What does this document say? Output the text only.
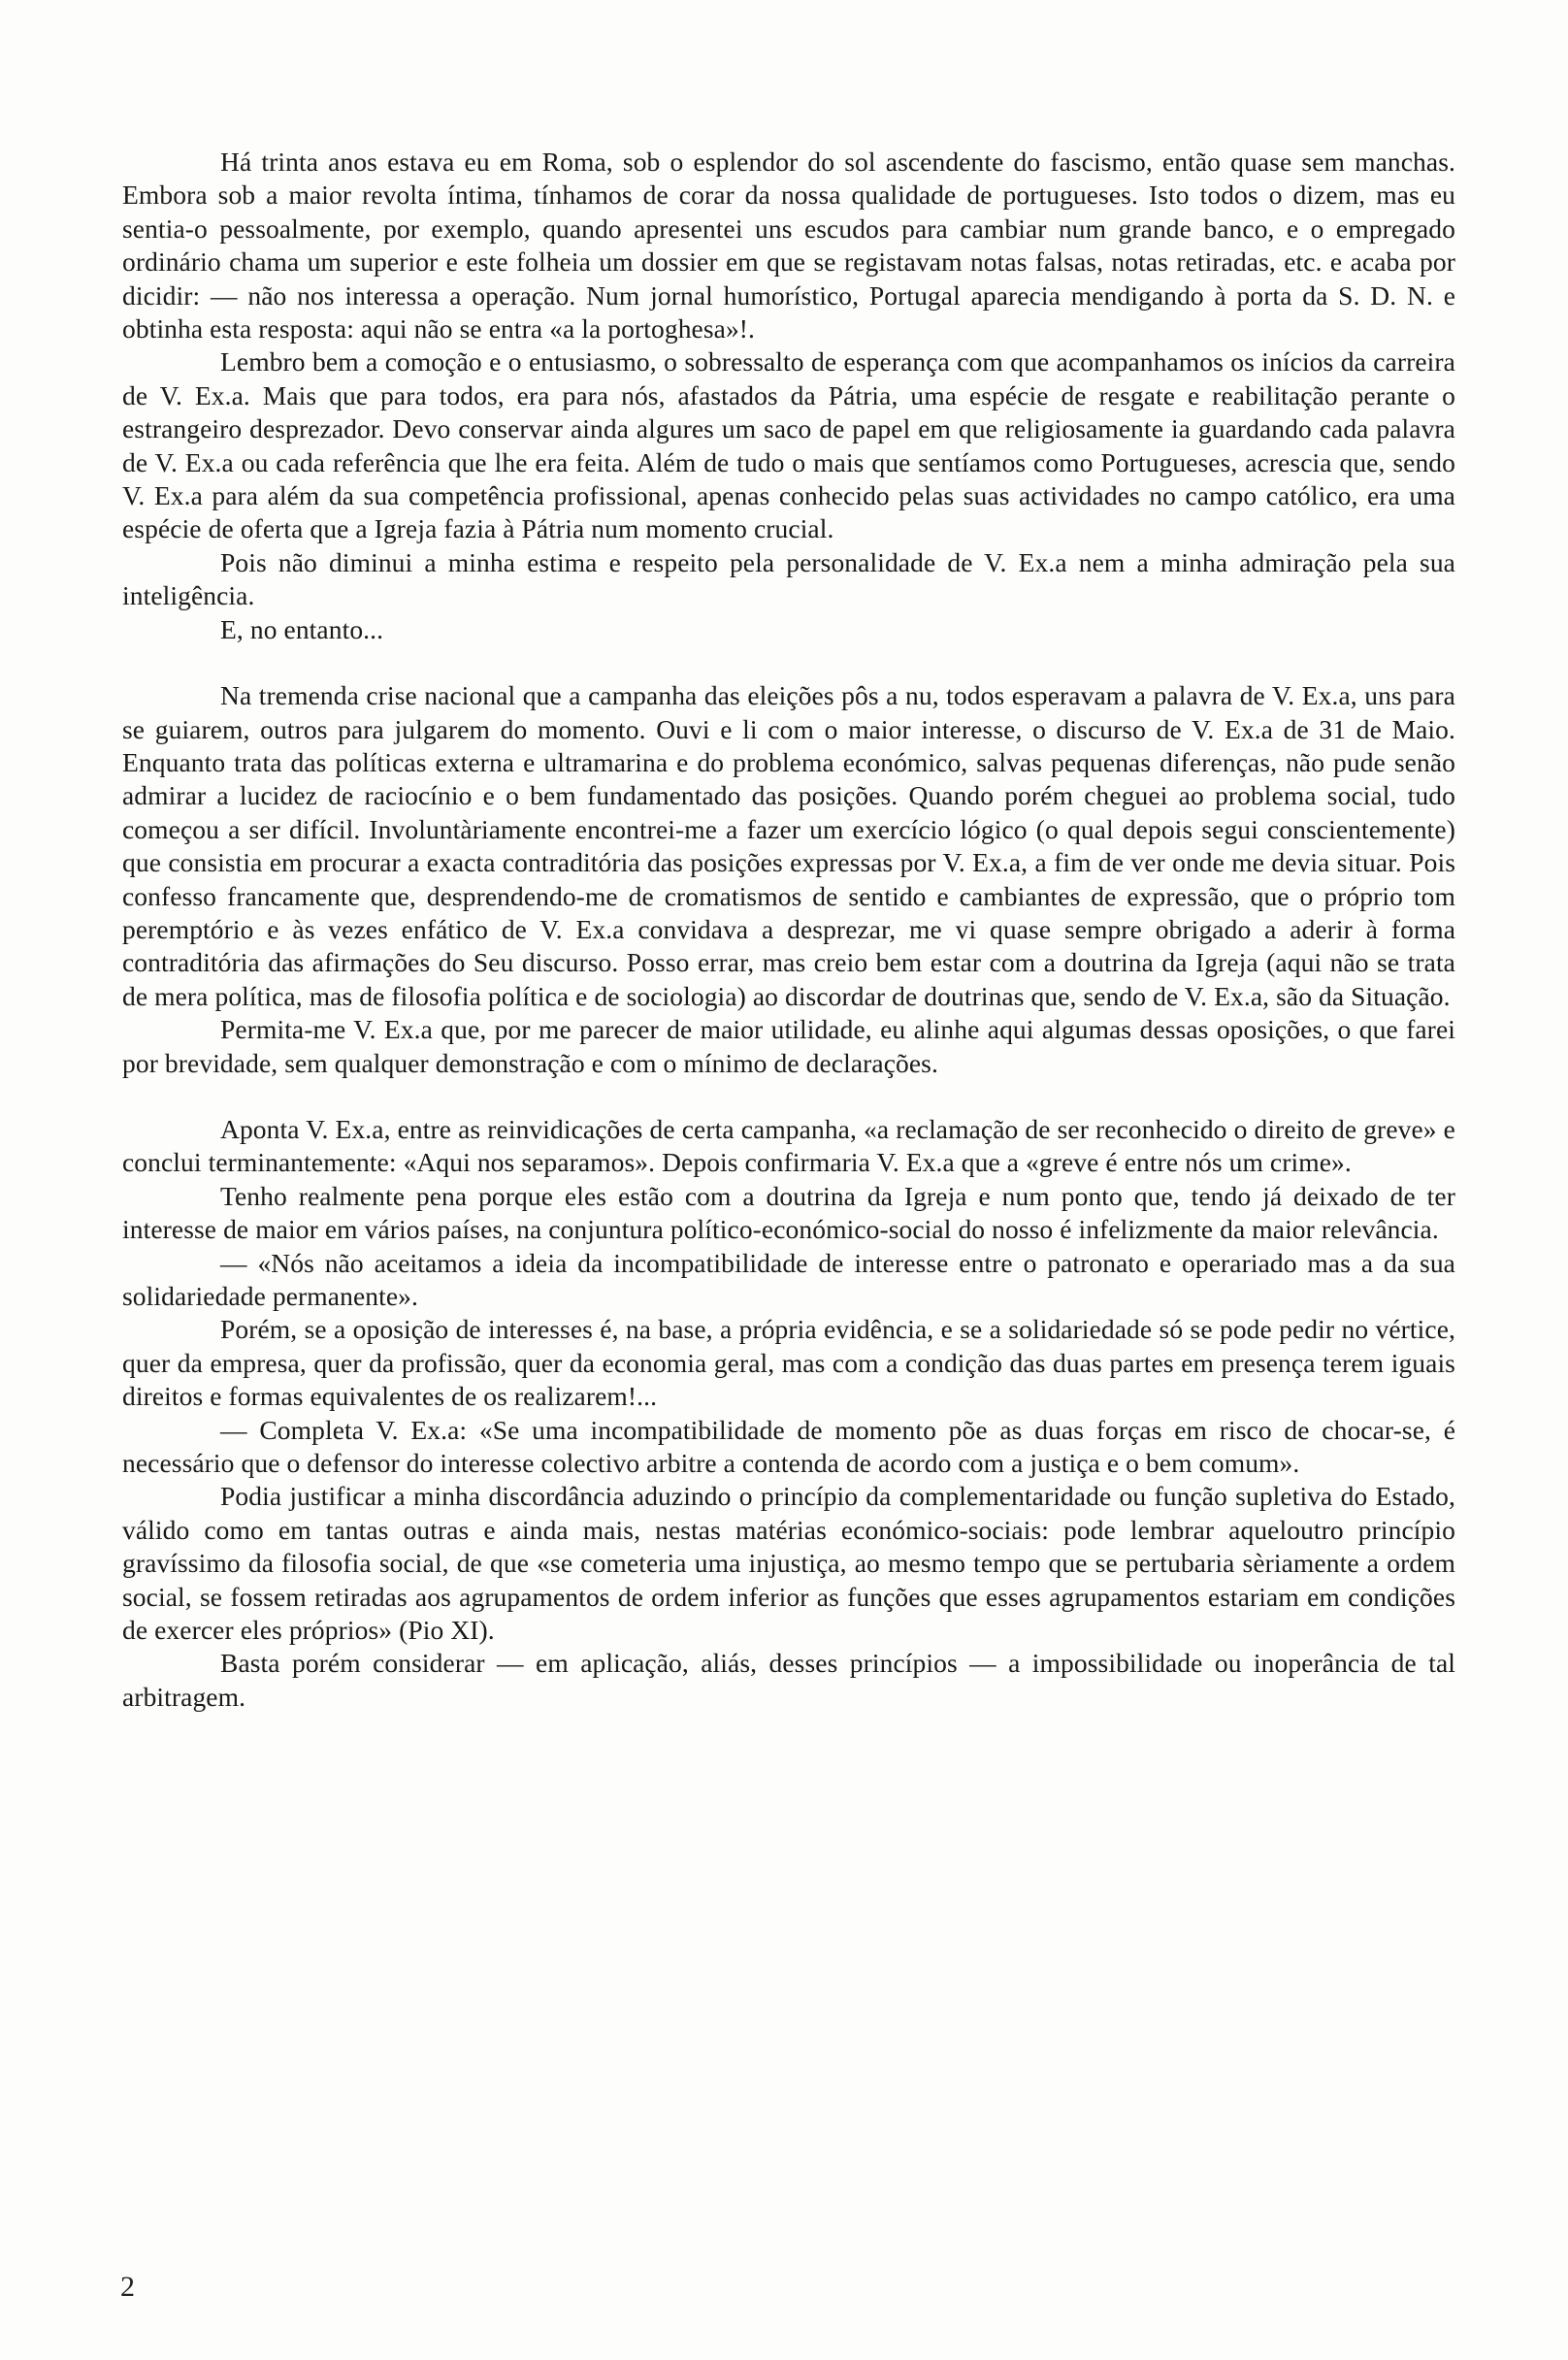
Há trinta anos estava eu em Roma, sob o esplendor do sol ascendente do fascismo, então quase sem manchas. Embora sob a maior revolta íntima, tínhamos de corar da nossa qualidade de portugueses. Isto todos o dizem, mas eu sentia-o pessoalmente, por exemplo, quando apresentei uns escudos para cambiar num grande banco, e o empregado ordinário chama um superior e este folheia um dossier em que se registavam notas falsas, notas retiradas, etc. e acaba por dicidir: — não nos interessa a operação. Num jornal humorístico, Portugal aparecia mendigando à porta da S. D. N. e obtinha esta resposta: aqui não se entra «a la portoghesa»!.

Lembro bem a comoção e o entusiasmo, o sobressalto de esperança com que acompanhamos os inícios da carreira de V. Ex.a. Mais que para todos, era para nós, afastados da Pátria, uma espécie de resgate e reabilitação perante o estrangeiro desprezador. Devo conservar ainda algures um saco de papel em que religiosamente ia guardando cada palavra de V. Ex.a ou cada referência que lhe era feita. Além de tudo o mais que sentíamos como Portugueses, acrescia que, sendo V. Ex.a para além da sua competência profissional, apenas conhecido pelas suas actividades no campo católico, era uma espécie de oferta que a Igreja fazia à Pátria num momento crucial.

Pois não diminui a minha estima e respeito pela personalidade de V. Ex.a nem a minha admiração pela sua inteligência.

E, no entanto...

Na tremenda crise nacional que a campanha das eleições pôs a nu, todos esperavam a palavra de V. Ex.a, uns para se guiarem, outros para julgarem do momento. Ouvi e li com o maior interesse, o discurso de V. Ex.a de 31 de Maio. Enquanto trata das políticas externa e ultramarina e do problema económico, salvas pequenas diferenças, não pude senão admirar a lucidez de raciocínio e o bem fundamentado das posições. Quando porém cheguei ao problema social, tudo começou a ser difícil. Involuntàriamente encontrei-me a fazer um exercício lógico (o qual depois segui conscientemente) que consistia em procurar a exacta contraditória das posições expressas por V. Ex.a, a fim de ver onde me devia situar. Pois confesso francamente que, desprendendo-me de cromatismos de sentido e cambiantes de expressão, que o próprio tom peremptório e às vezes enfático de V. Ex.a convidava a desprezar, me vi quase sempre obrigado a aderir à forma contraditória das afirmações do Seu discurso. Posso errar, mas creio bem estar com a doutrina da Igreja (aqui não se trata de mera política, mas de filosofia política e de sociologia) ao discordar de doutrinas que, sendo de V. Ex.a, são da Situação.

Permita-me V. Ex.a que, por me parecer de maior utilidade, eu alinhe aqui algumas dessas oposições, o que farei por brevidade, sem qualquer demonstração e com o mínimo de declarações.

Aponta V. Ex.a, entre as reinvidicações de certa campanha, «a reclamação de ser reconhecido o direito de greve» e conclui terminantemente: «Aqui nos separamos». Depois confirmaria V. Ex.a que a «greve é entre nós um crime».

Tenho realmente pena porque eles estão com a doutrina da Igreja e num ponto que, tendo já deixado de ter interesse de maior em vários países, na conjuntura político-económico-social do nosso é infelizmente da maior relevância.

— «Nós não aceitamos a ideia da incompatibilidade de interesse entre o patronato e operariado mas a da sua solidariedade permanente».

Porém, se a oposição de interesses é, na base, a própria evidência, e se a solidariedade só se pode pedir no vértice, quer da empresa, quer da profissão, quer da economia geral, mas com a condição das duas partes em presença terem iguais direitos e formas equivalentes de os realizarem!...

— Completa V. Ex.a: «Se uma incompatibilidade de momento põe as duas forças em risco de chocar-se, é necessário que o defensor do interesse colectivo arbitre a contenda de acordo com a justiça e o bem comum».

Podia justificar a minha discordância aduzindo o princípio da complementaridade ou função supletiva do Estado, válido como em tantas outras e ainda mais, nestas matérias económico-sociais: pode lembrar aqueloutro princípio gravíssimo da filosofia social, de que «se cometeria uma injustiça, ao mesmo tempo que se pertubaria sèriamente a ordem social, se fossem retiradas aos agrupamentos de ordem inferior as funções que esses agrupamentos estariam em condições de exercer eles próprios» (Pio XI).

Basta porém considerar — em aplicação, aliás, desses princípios — a impossibilidade ou inoperância de tal arbitragem.

2
